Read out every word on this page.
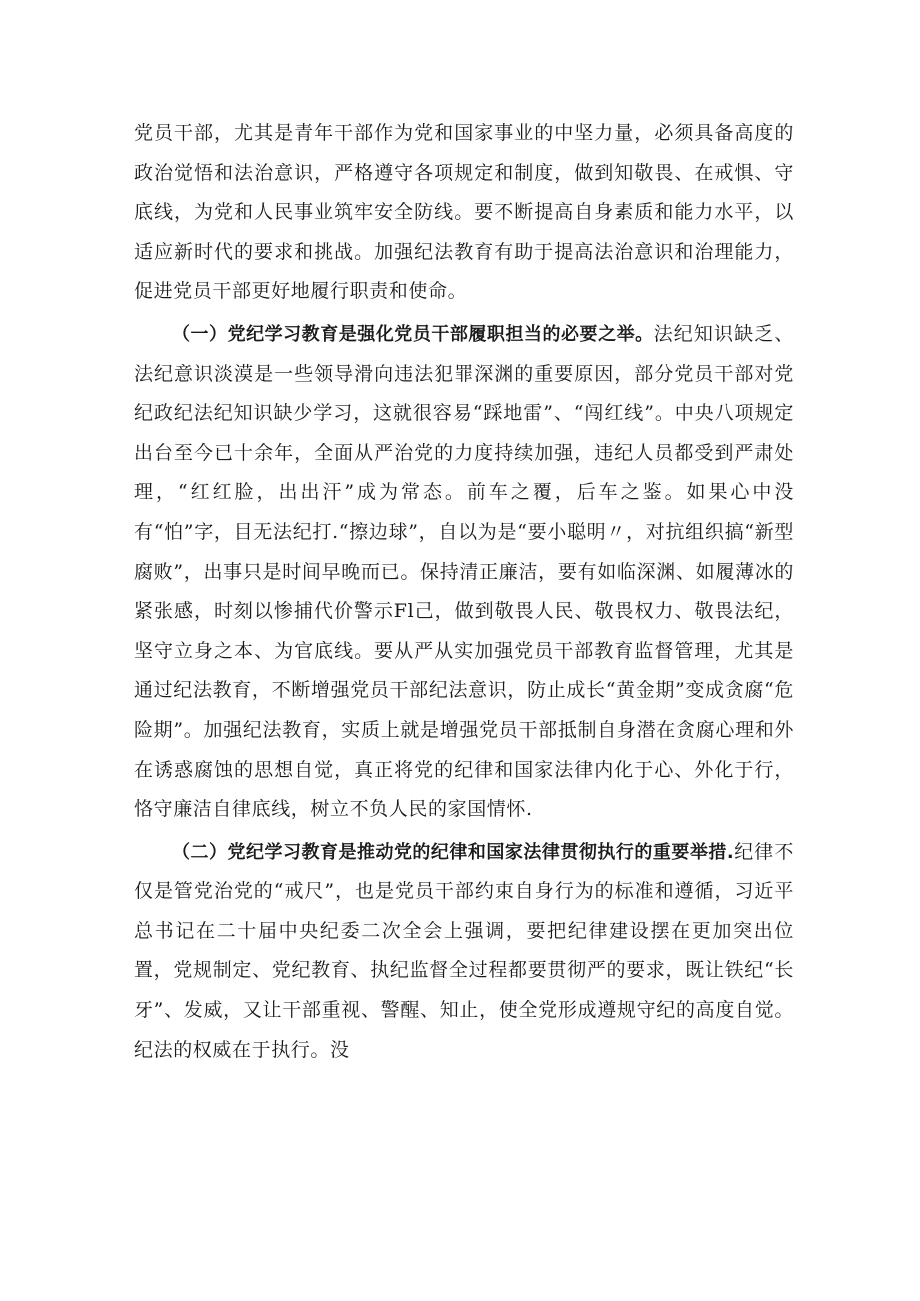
党员干部，尤其是青年干部作为党和国家事业的中坚力量，必须具备高度的政治觉悟和法治意识，严格遵守各项规定和制度，做到知敬畏、在戒惧、守底线，为党和人民事业筑牢安全防线。要不断提高自身素质和能力水平，以适应新时代的要求和挑战。加强纪法教育有助于提高法治意识和治理能力，促进党员干部更好地履行职责和使命。

（一）党纪学习教育是强化党员干部履职担当的必要之举。法纪知识缺乏、法纪意识淡漠是一些领导滑向违法犯罪深渊的重要原因，部分党员干部对党纪政纪法纪知识缺少学习，这就很容易“踩地雷”、“闯红线”。中央八项规定出台至今已十余年，全面从严治党的力度持续加强，违纪人员都受到严肃处理，“红红脸，出出汗”成为常态。前车之覆，后车之鉴。如果心中没有“怕”字，目无法纪打.“擦边球”，自以为是“要小聪明〃，对抗组织搞“新型腐败”，出事只是时间早晚而已。保持清正廉洁，要有如临深渊、如履薄冰的紧张感，时刻以惨捕代价警示Fl己，做到敬畏人民、敬畏权力、敬畏法纪，坚守立身之本、为官底线。要从严从实加强党员干部教育监督管理，尤其是通过纪法教育，不断增强党员干部纪法意识，防止成长“黄金期”变成贪腐“危险期”。加强纪法教育，实质上就是增强党员干部抵制自身潜在贪腐心理和外在诱惑腐蚀的思想自觉，真正将党的纪律和国家法律内化于心、外化于行，恪守廉洁自律底线，树立不负人民的家国情怀.

（二）党纪学习教育是推动党的纪律和国家法律贯彻执行的重要举措.纪律不仅是管党治党的“戒尺”，也是党员干部约束自身行为的标准和遵循，习近平总书记在二十届中央纪委二次全会上强调，要把纪律建设摆在更加突出位置，党规制定、党纪教育、执纪监督全过程都要贯彻严的要求，既让铁纪“长牙”、发威，又让干部重视、警醒、知止，使全党形成遵规守纪的高度自觉。纪法的权威在于执行。没
